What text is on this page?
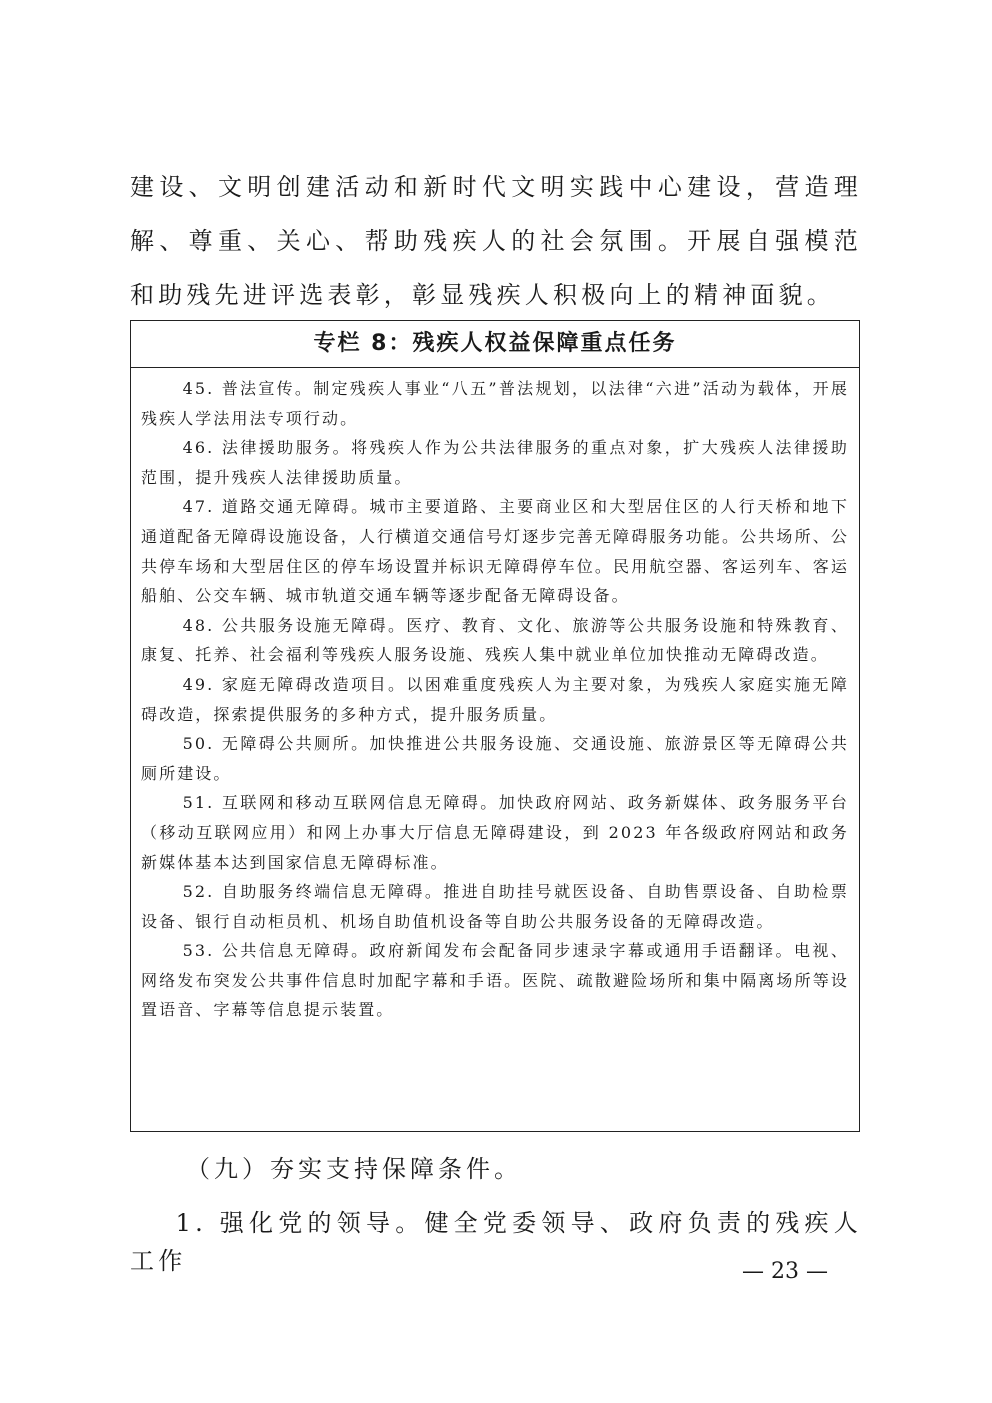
建设、文明创建活动和新时代文明实践中心建设，营造理解、尊重、关心、帮助残疾人的社会氛围。开展自强模范和助残先进评选表彰，彰显残疾人积极向上的精神面貌。

专栏 8：残疾人权益保障重点任务

45. 普法宣传。制定残疾人事业“八五”普法规划，以法律“六进”活动为载体，开展残疾人学法用法专项行动。

46. 法律援助服务。将残疾人作为公共法律服务的重点对象，扩大残疾人法律援助范围，提升残疾人法律援助质量。

47. 道路交通无障碍。城市主要道路、主要商业区和大型居住区的人行天桥和地下通道配备无障碍设施设备，人行横道交通信号灯逐步完善无障碍服务功能。公共场所、公共停车场和大型居住区的停车场设置并标识无障碍停车位。民用航空器、客运列车、客运船舶、公交车辆、城市轨道交通车辆等逐步配备无障碍设备。

48. 公共服务设施无障碍。医疗、教育、文化、旅游等公共服务设施和特殊教育、康复、托养、社会福利等残疾人服务设施、残疾人集中就业单位加快推动无障碍改造。

49. 家庭无障碍改造项目。以困难重度残疾人为主要对象，为残疾人家庭实施无障碍改造，探索提供服务的多种方式，提升服务质量。

50. 无障碍公共厕所。加快推进公共服务设施、交通设施、旅游景区等无障碍公共厕所建设。

51. 互联网和移动互联网信息无障碍。加快政府网站、政务新媒体、政务服务平台（移动互联网应用）和网上办事大厅信息无障碍建设，到 2023 年各级政府网站和政务新媒体基本达到国家信息无障碍标准。

52. 自助服务终端信息无障碍。推进自助挂号就医设备、自助售票设备、自助检票设备、银行自动柜员机、机场自助值机设备等自助公共服务设备的无障碍改造。

53. 公共信息无障碍。政府新闻发布会配备同步速录字幕或通用手语翻译。电视、网络发布突发公共事件信息时加配字幕和手语。医院、疏散避险场所和集中隔离场所等设置语音、字幕等信息提示装置。

（九）夯实支持保障条件。

1. 强化党的领导。健全党委领导、政府负责的残疾人工作	— 23 —
